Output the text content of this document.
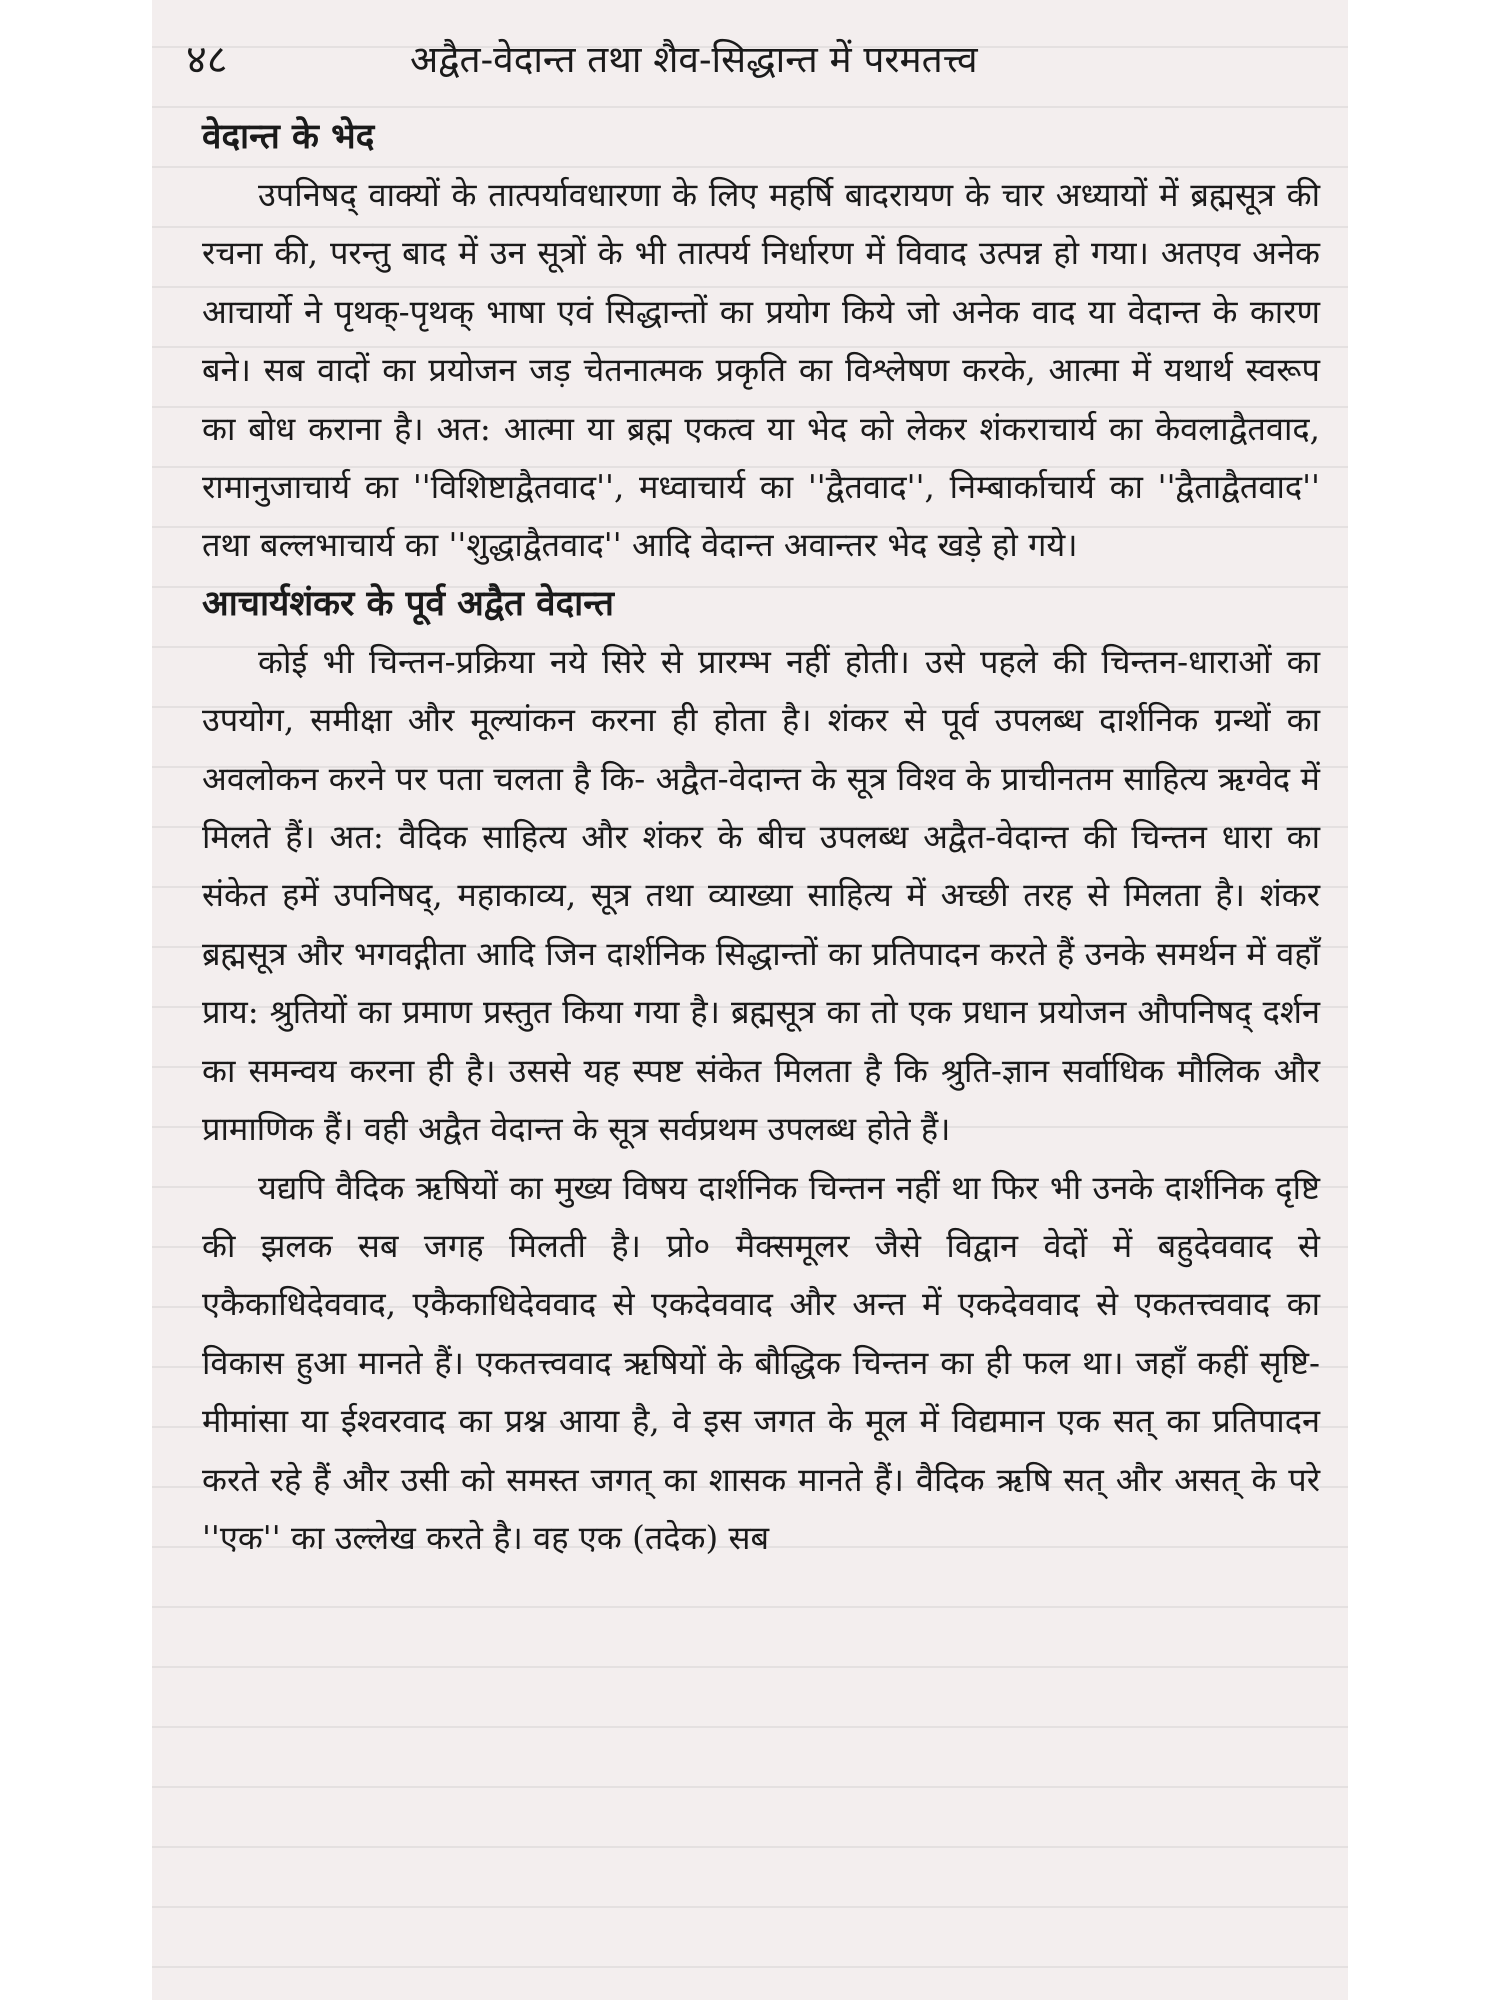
४८	अद्वैत-वेदान्त तथा शैव-सिद्धान्त में परमतत्त्व
वेदान्त के भेद

उपनिषद् वाक्यों के तात्पर्यावधारणा के लिए महर्षि बादरायण के चार अध्यायों में ब्रह्मसूत्र की रचना की, परन्तु बाद में उन सूत्रों के भी तात्पर्य निर्धारण में विवाद उत्पन्न हो गया। अतएव अनेक आचार्यो ने पृथक्-पृथक् भाषा एवं सिद्धान्तों का प्रयोग किये जो अनेक वाद या वेदान्त के कारण बने। सब वादों का प्रयोजन जड़ चेतनात्मक प्रकृति का विश्लेषण करके, आत्मा में यथार्थ स्वरूप का बोध कराना है। अत: आत्मा या ब्रह्म एकत्व या भेद को लेकर शंकराचार्य का केवलाद्वैतवाद, रामानुजाचार्य का ''विशिष्टाद्वैतवाद'', मध्वाचार्य का ''द्वैतवाद'', निम्बार्काचार्य का ''द्वैताद्वैतवाद'' तथा बल्लभाचार्य का ''शुद्धाद्वैतवाद'' आदि वेदान्त अवान्तर भेद खड़े हो गये।

आचार्यशंकर के पूर्व अद्वैत वेदान्त

कोई भी चिन्तन-प्रक्रिया नये सिरे से प्रारम्भ नहीं होती। उसे पहले की चिन्तन-धाराओं का उपयोग, समीक्षा और मूल्यांकन करना ही होता है। शंकर से पूर्व उपलब्ध दार्शनिक ग्रन्थों का अवलोकन करने पर पता चलता है कि- अद्वैत-वेदान्त के सूत्र विश्व के प्राचीनतम साहित्य ऋग्वेद में मिलते हैं। अत: वैदिक साहित्य और शंकर के बीच उपलब्ध अद्वैत-वेदान्त की चिन्तन धारा का संकेत हमें उपनिषद्, महाकाव्य, सूत्र तथा व्याख्या साहित्य में अच्छी तरह से मिलता है। शंकर ब्रह्मसूत्र और भगवद्गीता आदि जिन दार्शनिक सिद्धान्तों का प्रतिपादन करते हैं उनके समर्थन में वहाँ प्राय: श्रुतियों का प्रमाण प्रस्तुत किया गया है। ब्रह्मसूत्र का तो एक प्रधान प्रयोजन औपनिषद् दर्शन का समन्वय करना ही है। उससे यह स्पष्ट संकेत मिलता है कि श्रुति-ज्ञान सर्वाधिक मौलिक और प्रामाणिक हैं। वही अद्वैत वेदान्त के सूत्र सर्वप्रथम उपलब्ध होते हैं।

यद्यपि वैदिक ऋषियों का मुख्य विषय दार्शनिक चिन्तन नहीं था फिर भी उनके दार्शनिक दृष्टि की झलक सब जगह मिलती है। प्रो० मैक्समूलर जैसे विद्वान वेदों में बहुदेववाद से एकैकाधिदेववाद, एकैकाधिदेववाद से एकदेववाद और अन्त में एकदेववाद से एकतत्त्ववाद का विकास हुआ मानते हैं। एकतत्त्ववाद ऋषियों के बौद्धिक चिन्तन का ही फल था। जहाँ कहीं सृष्टि-मीमांसा या ईश्वरवाद का प्रश्न आया है, वे इस जगत के मूल में विद्यमान एक सत् का प्रतिपादन करते रहे हैं और उसी को समस्त जगत् का शासक मानते हैं। वैदिक ऋषि सत् और असत् के परे ''एक'' का उल्लेख करते है। वह एक (तदेक) सब
